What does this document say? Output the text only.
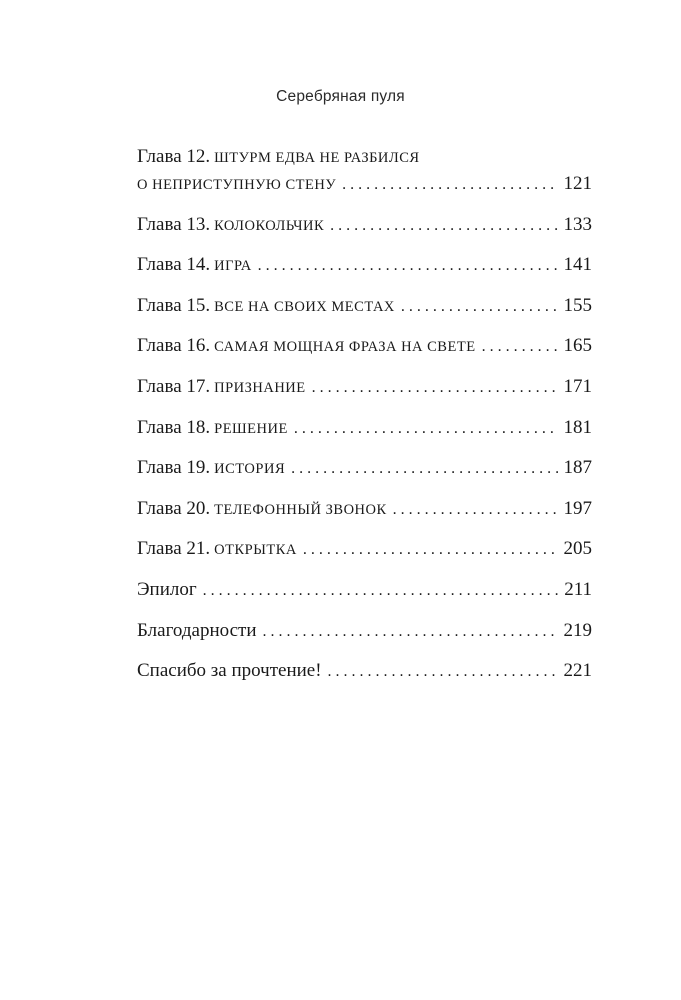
Серебряная пуля
Глава 12. ШТУРМ ЕДВА НЕ РАЗБИЛСЯ
О НЕПРИСТУПНУЮ СТЕНУ . . .	121
Глава 13. КОЛОКОЛЬЧИК . . .	133
Глава 14. ИГРА . . .	141
Глава 15. ВСЕ НА СВОИХ МЕСТАХ . . .	155
Глава 16. САМАЯ МОЩНАЯ ФРАЗА НА СВЕТЕ . . .	165
Глава 17. ПРИЗНАНИЕ . . .	171
Глава 18. РЕШЕНИЕ . . .	181
Глава 19. ИСТОРИЯ . . .	187
Глава 20. ТЕЛЕФОННЫЙ ЗВОНОК . . .	197
Глава 21. ОТКРЫТКА . . .	205
Эпилог . . .	211
Благодарности . . .	219
Спасибо за прочтение! . . .	221
